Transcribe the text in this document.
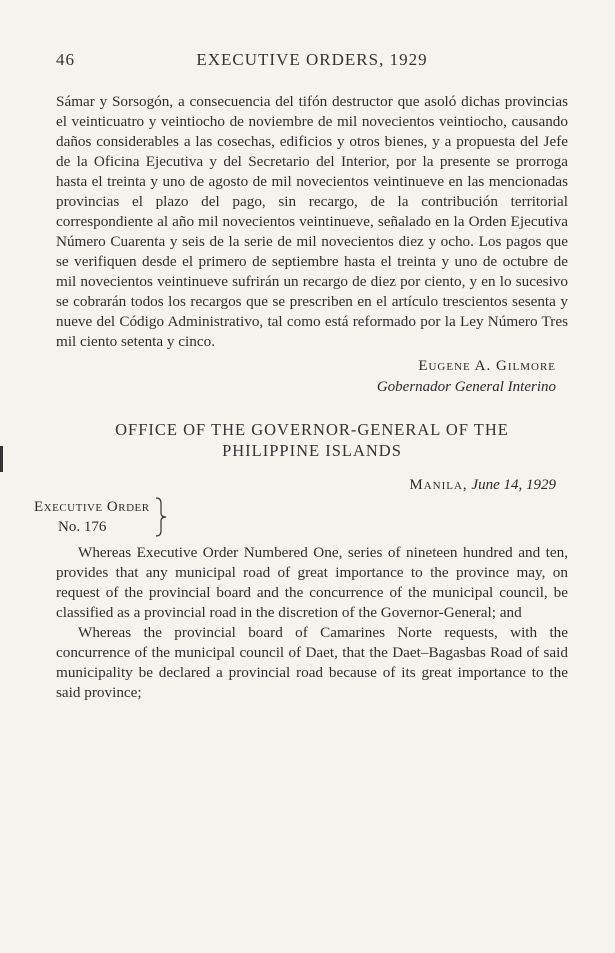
46	EXECUTIVE ORDERS, 1929

Sámar y Sorsogón, a consecuencia del tifón destructor que asoló dichas provincias el veinticuatro y veintiocho de noviembre de mil novecientos veintiocho, causando daños considerables a las cosechas, edificios y otros bienes, y a propuesta del Jefe de la Oficina Ejecutiva y del Secretario del Interior, por la presente se prorroga hasta el treinta y uno de agosto de mil novecientos veintinueve en las mencionadas provincias el plazo del pago, sin recargo, de la contribución territorial correspondiente al año mil novecientos veintinueve, señalado en la Orden Ejecutiva Número Cuarenta y seis de la serie de mil novecientos diez y ocho. Los pagos que se verifiquen desde el primero de septiembre hasta el treinta y uno de octubre de mil novecientos veintinueve sufrirán un recargo de diez por ciento, y en lo sucesivo se cobrarán todos los recargos que se prescriben en el artículo trescientos sesenta y nueve del Código Administrativo, tal como está reformado por la Ley Número Tres mil ciento setenta y cinco.

Eugene A. Gilmore
Gobernador General Interino
OFFICE OF THE GOVERNOR-GENERAL OF THE
PHILIPPINE ISLANDS
Manila, June 14, 1929
Executive Order
No. 176

Whereas Executive Order Numbered One, series of nineteen hundred and ten, provides that any municipal road of great importance to the province may, on request of the provincial board and the concurrence of the municipal council, be classified as a provincial road in the discretion of the Governor-General; and

Whereas the provincial board of Camarines Norte requests, with the concurrence of the municipal council of Daet, that the Daet–Bagasbas Road of said municipality be declared a provincial road because of its great importance to the said province;
